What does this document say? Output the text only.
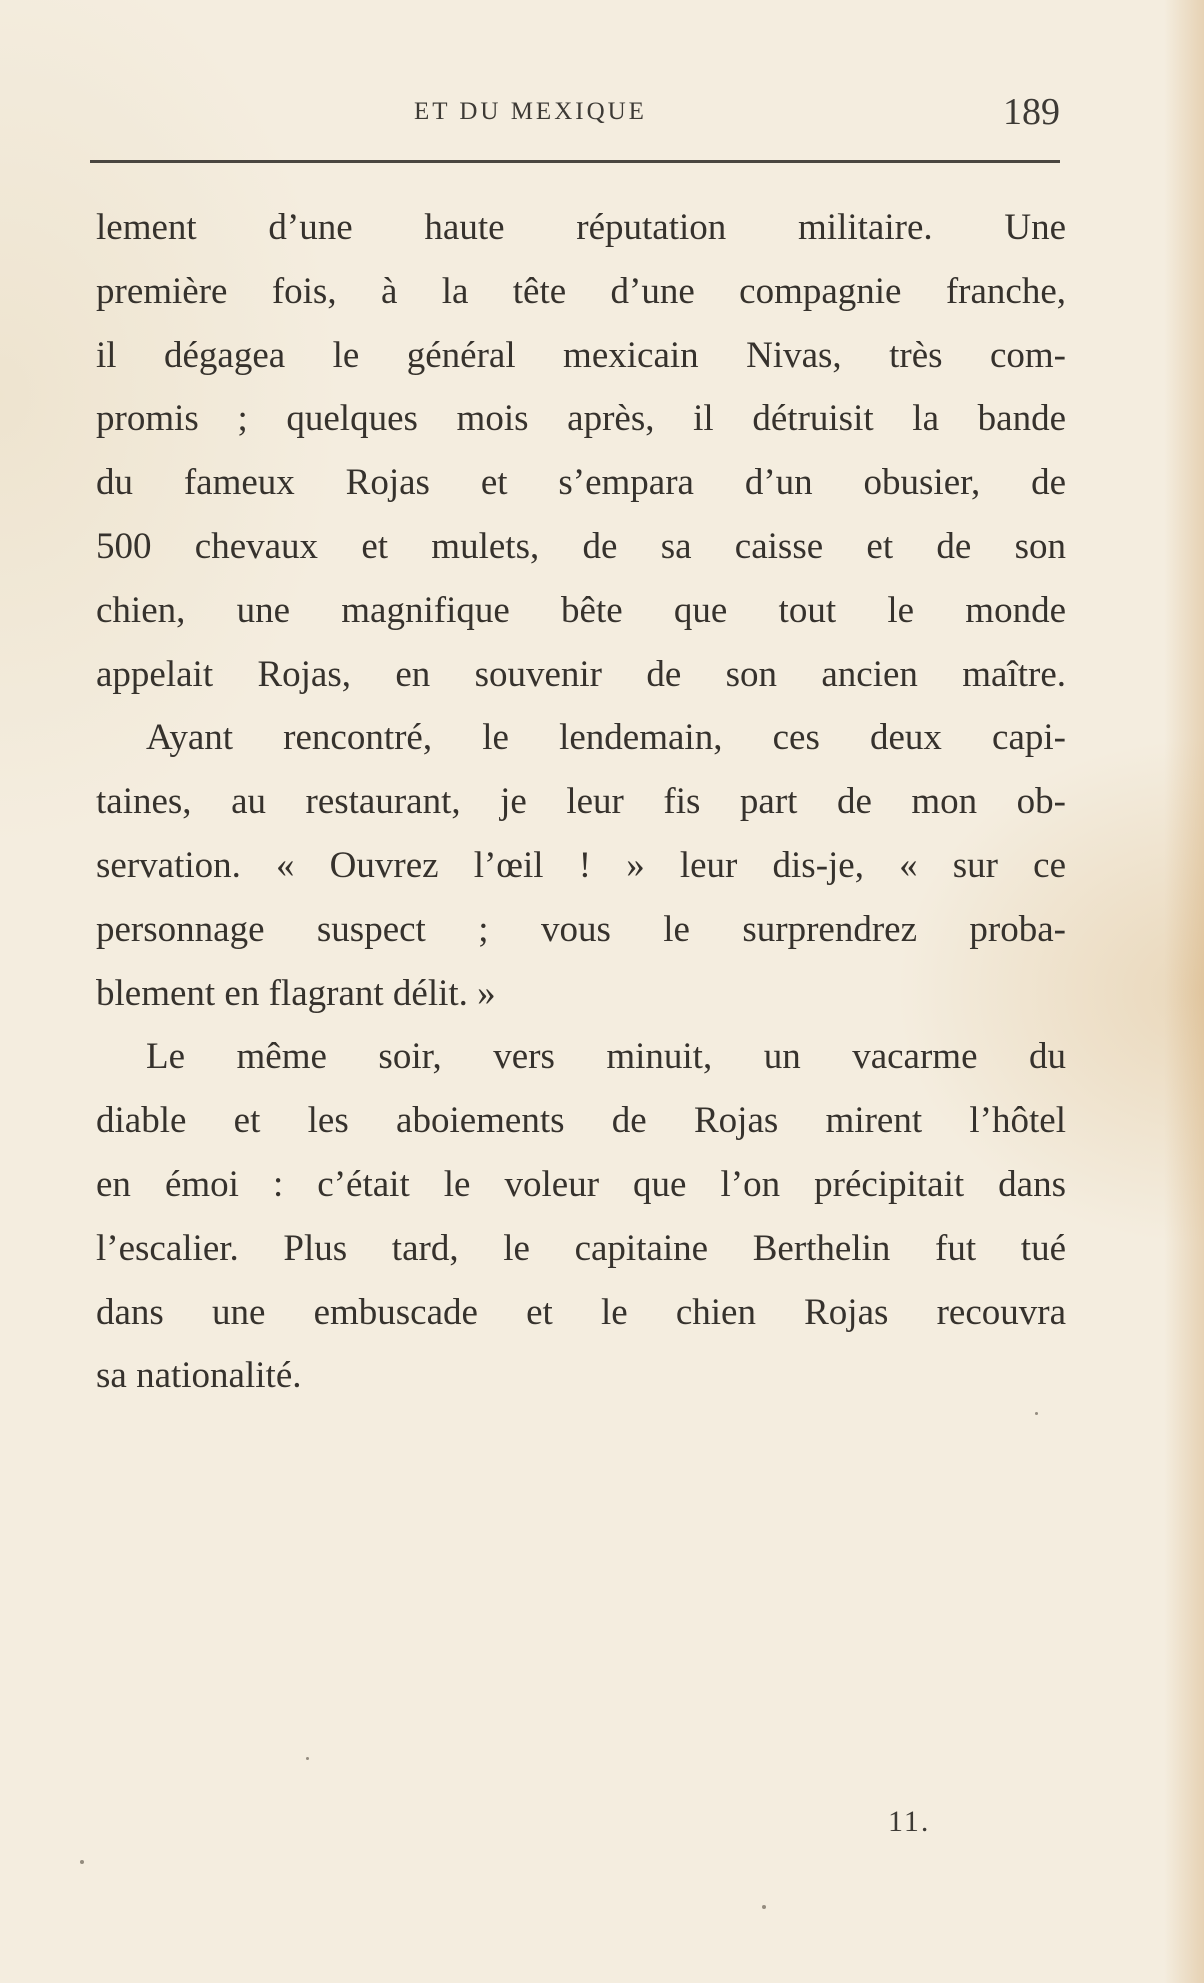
ET DU MEXIQUE	189
lement d’une haute réputation militaire. Une
première fois, à la tête d’une compagnie franche,
il dégagea le général mexicain Nivas, très com-
promis ; quelques mois après, il détruisit la bande
du fameux Rojas et s’empara d’un obusier, de
500 chevaux et mulets, de sa caisse et de son
chien, une magnifique bête que tout le monde
appelait Rojas, en souvenir de son ancien maître.
Ayant rencontré, le lendemain, ces deux capi-
taines, au restaurant, je leur fis part de mon ob-
servation. « Ouvrez l’œil ! » leur dis-je, « sur ce
personnage suspect ; vous le surprendrez proba-
blement en flagrant délit. »
Le même soir, vers minuit, un vacarme du
diable et les aboiements de Rojas mirent l’hôtel
en émoi : c’était le voleur que l’on précipitait dans
l’escalier. Plus tard, le capitaine Berthelin fut tué
dans une embuscade et le chien Rojas recouvra
sa nationalité.
11.
